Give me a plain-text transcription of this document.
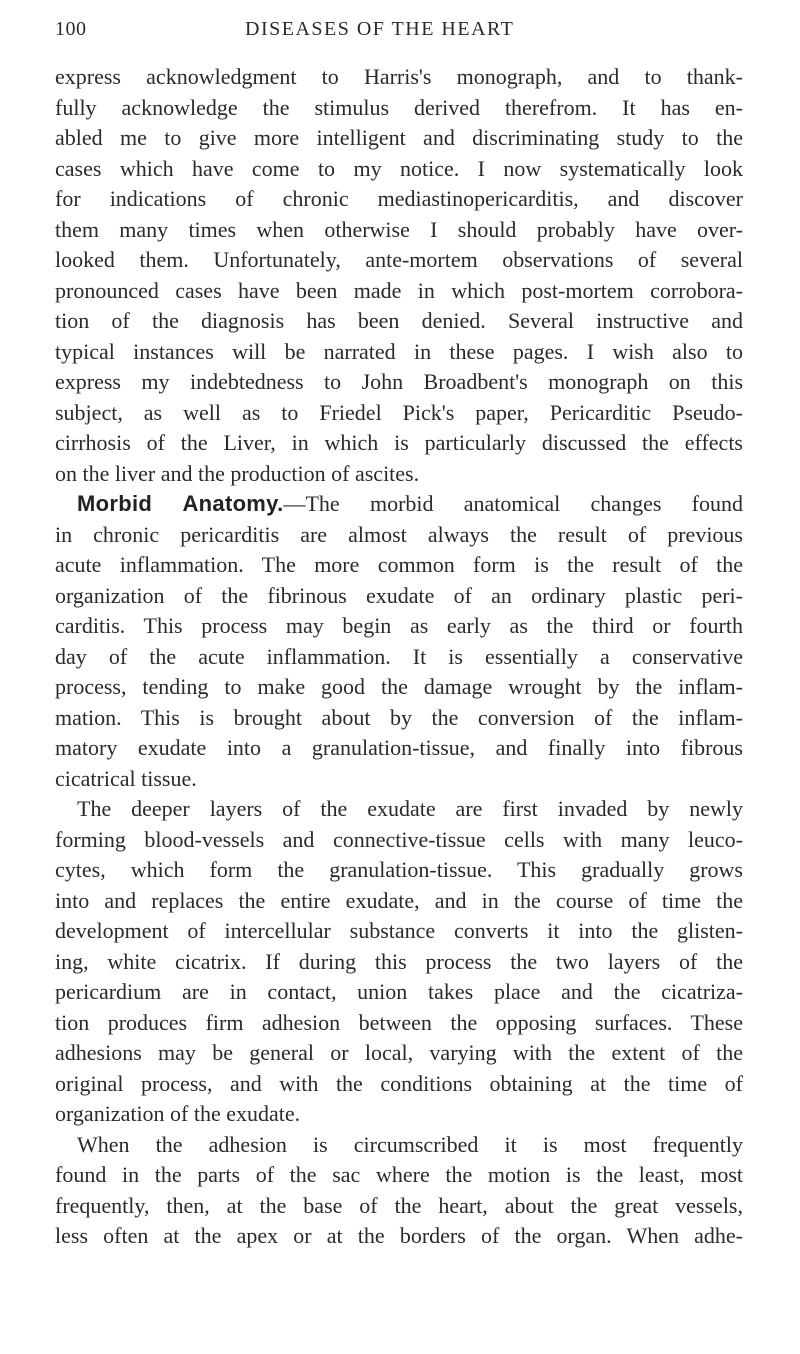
100	DISEASES OF THE HEART
express acknowledgment to Harris's monograph, and to thank-
fully acknowledge the stimulus derived therefrom. It has en-
abled me to give more intelligent and discriminating study to the
cases which have come to my notice. I now systematically look
for indications of chronic mediastinopericarditis, and discover
them many times when otherwise I should probably have over-
looked them. Unfortunately, ante-mortem observations of several
pronounced cases have been made in which post-mortem corrobora-
tion of the diagnosis has been denied. Several instructive and
typical instances will be narrated in these pages. I wish also to
express my indebtedness to John Broadbent's monograph on this
subject, as well as to Friedel Pick's paper, Pericarditic Pseudo-
cirrhosis of the Liver, in which is particularly discussed the effects
on the liver and the production of ascites.
Morbid Anatomy.—The morbid anatomical changes found
in chronic pericarditis are almost always the result of previous
acute inflammation. The more common form is the result of the
organization of the fibrinous exudate of an ordinary plastic peri-
carditis. This process may begin as early as the third or fourth
day of the acute inflammation. It is essentially a conservative
process, tending to make good the damage wrought by the inflam-
mation. This is brought about by the conversion of the inflam-
matory exudate into a granulation-tissue, and finally into fibrous
cicatrical tissue.
The deeper layers of the exudate are first invaded by newly
forming blood-vessels and connective-tissue cells with many leuco-
cytes, which form the granulation-tissue. This gradually grows
into and replaces the entire exudate, and in the course of time the
development of intercellular substance converts it into the glisten-
ing, white cicatrix. If during this process the two layers of the
pericardium are in contact, union takes place and the cicatriza-
tion produces firm adhesion between the opposing surfaces. These
adhesions may be general or local, varying with the extent of the
original process, and with the conditions obtaining at the time of
organization of the exudate.
When the adhesion is circumscribed it is most frequently
found in the parts of the sac where the motion is the least, most
frequently, then, at the base of the heart, about the great vessels,
less often at the apex or at the borders of the organ. When adhe-
